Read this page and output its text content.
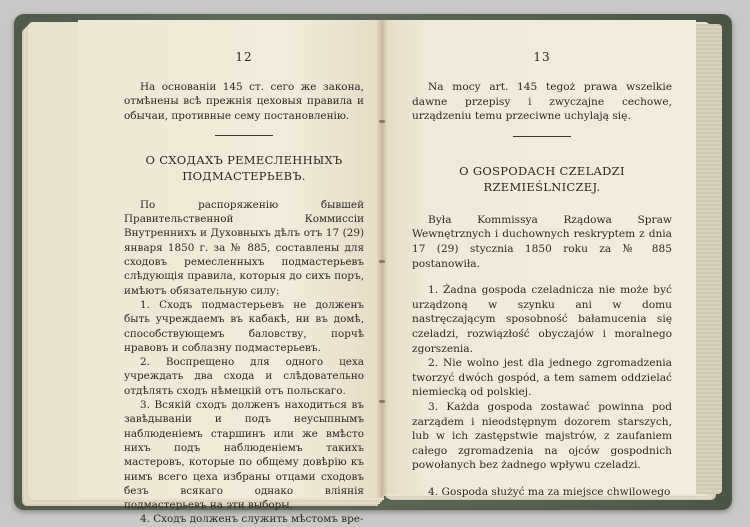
12

На основанiи 145 ст. сего же закона, отмѣнены всѣ прежнiя цеховыя правила и обычаи, противные сему постановленiю.

О СХОДАХЪ РЕМЕСЛЕННЫХЪ
ПОДМАСТЕРЬЕВЪ.

По распоряженiю бывшей Правительственной Коммиссiи Внутреннихъ и Духовныхъ дѣлъ отъ 17 (29) января 1850 г. за № 885, составлены для сходовъ ремесленныхъ подмастерьевъ слѣдующiя правила, которыя до сихъ поръ, имѣютъ обязательную силу:

1. Сходъ подмастерьевъ не долженъ быть учреждаемъ въ кабакѣ, ни въ домѣ, способствующемъ баловству, порчѣ нравовъ и соблазну подмастерьевъ.

2. Воспрещено для одного цеха учреждать два схода и слѣдовательно отдѣлять сходъ нѣмецкiй отъ польскаго.

3. Всякiй сходъ долженъ находиться въ завѣдыванiи и подъ неусыпнымъ наблюденiемъ старшинъ или же вмѣсто нихъ подъ наблюденiемъ такихъ мастеровъ, которые по общему довѣрiю къ нимъ всего цеха избраны отцами сходовъ безъ всякаго однако влiянiя подмастерьевъ на эти выборы.

4. Сходъ долженъ служить мѣстомъ вре-

13

Na mocy art. 145 tegoż prawa wszelkie dawne przepisy i zwyczajne cechowe, urządzeniu temu przeciwne uchylają się.

O GOSPODACH CZELADZI
RZEMIEŚLNICZEJ.

Była Kommissya Rządowa Spraw Wewnętrznych i duchownych reskryptem z dnia 17 (29) stycznia 1850 roku za № 885 postanowiła.

1. Żadna gospoda czeladnicza nie może być urządzoną w szynku ani w domu nastręczającym sposobność bałamucenia się czeladzi, rozwiązłość obyczajów i moralnego zgorszenia.

2. Nie wolno jest dla jednego zgromadzenia tworzyć dwóch gospód, a tem samem oddzielać niemiecką od polskiej.

3. Każda gospoda zostawać powinna pod zarządem i nieodstępnym dozorem starszych, lub w ich zastępstwie majstrów, z zaufaniem całego zgromadzenia na ojców gospodnich powołanych bez żadnego wpływu czeladzi.

4. Gospoda służyć ma za miejsce chwilowego
